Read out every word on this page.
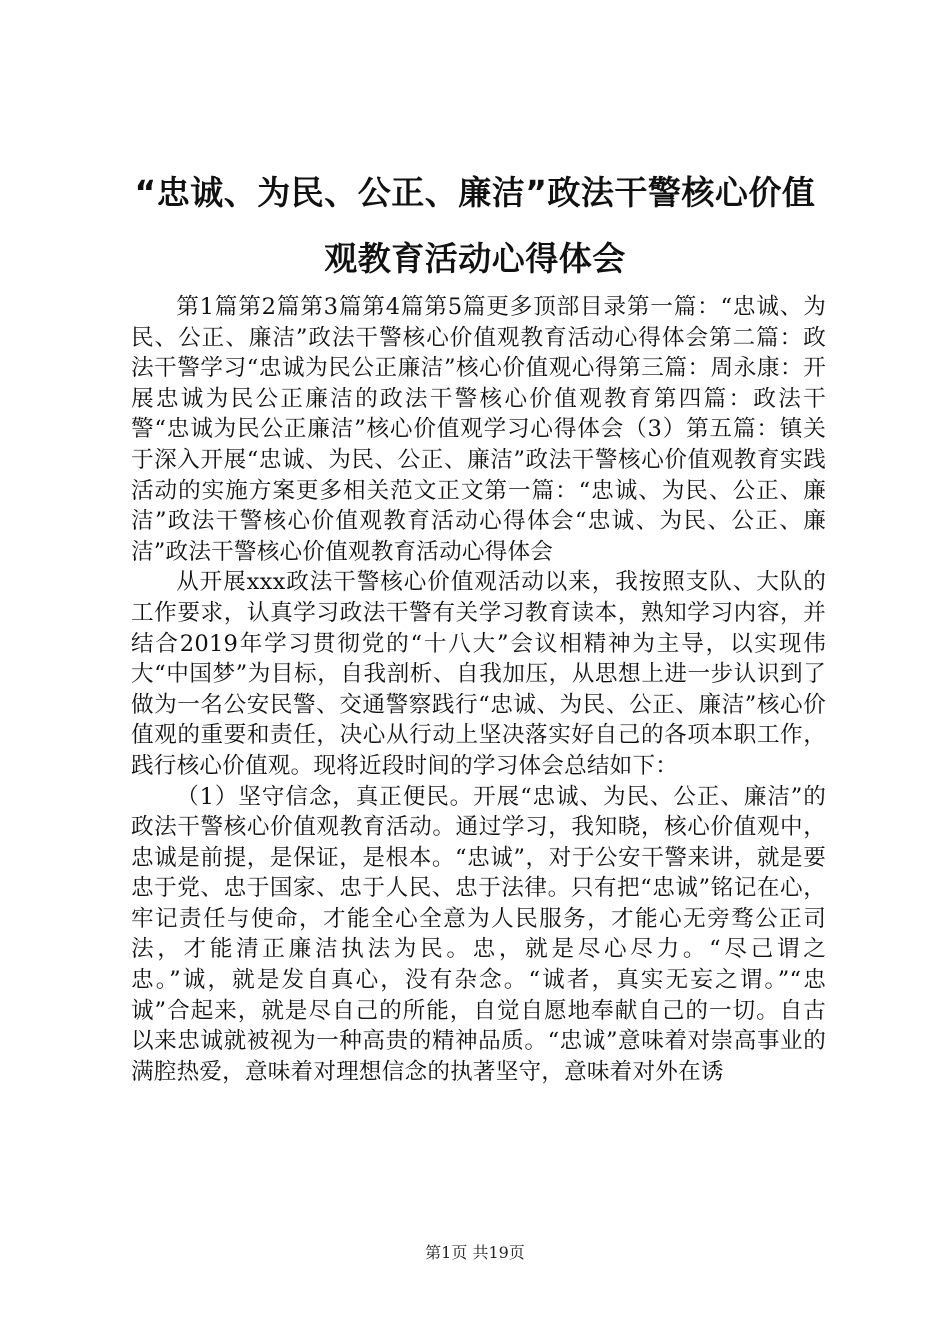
“忠诚、为民、公正、廉洁”政法干警核心价值观教育活动心得体会

第1篇第2篇第3篇第4篇第5篇更多顶部目录第一篇：“忠诚、为民、公正、廉洁”政法干警核心价值观教育活动心得体会第二篇：政法干警学习“忠诚为民公正廉洁”核心价值观心得第三篇：周永康：开展忠诚为民公正廉洁的政法干警核心价值观教育第四篇：政法干警“忠诚为民公正廉洁”核心价值观学习心得体会（3）第五篇：镇关于深入开展“忠诚、为民、公正、廉洁”政法干警核心价值观教育实践活动的实施方案更多相关范文正文第一篇：“忠诚、为民、公正、廉洁”政法干警核心价值观教育活动心得体会“忠诚、为民、公正、廉洁”政法干警核心价值观教育活动心得体会

从开展xxx政法干警核心价值观活动以来，我按照支队、大队的工作要求，认真学习政法干警有关学习教育读本，熟知学习内容，并结合2019年学习贯彻党的“十八大”会议相精神为主导，以实现伟大“中国梦”为目标，自我剖析、自我加压，从思想上进一步认识到了做为一名公安民警、交通警察践行“忠诚、为民、公正、廉洁”核心价值观的重要和责任，决心从行动上坚决落实好自己的各项本职工作，践行核心价值观。现将近段时间的学习体会总结如下：

（1）坚守信念，真正便民。开展“忠诚、为民、公正、廉洁”的政法干警核心价值观教育活动。通过学习，我知晓，核心价值观中，忠诚是前提，是保证，是根本。“忠诚”，对于公安干警来讲，就是要忠于党、忠于国家、忠于人民、忠于法律。只有把“忠诚”铭记在心，牢记责任与使命，才能全心全意为人民服务，才能心无旁骛公正司法，才能清正廉洁执法为民。忠，就是尽心尽力。“尽己谓之忠。”诚，就是发自真心，没有杂念。“诚者，真实无妄之谓。”“忠诚”合起来，就是尽自己的所能，自觉自愿地奉献自己的一切。自古以来忠诚就被视为一种高贵的精神品质。“忠诚”意味着对崇高事业的满腔热爱，意味着对理想信念的执著坚守，意味着对外在诱

第1页 共19页
